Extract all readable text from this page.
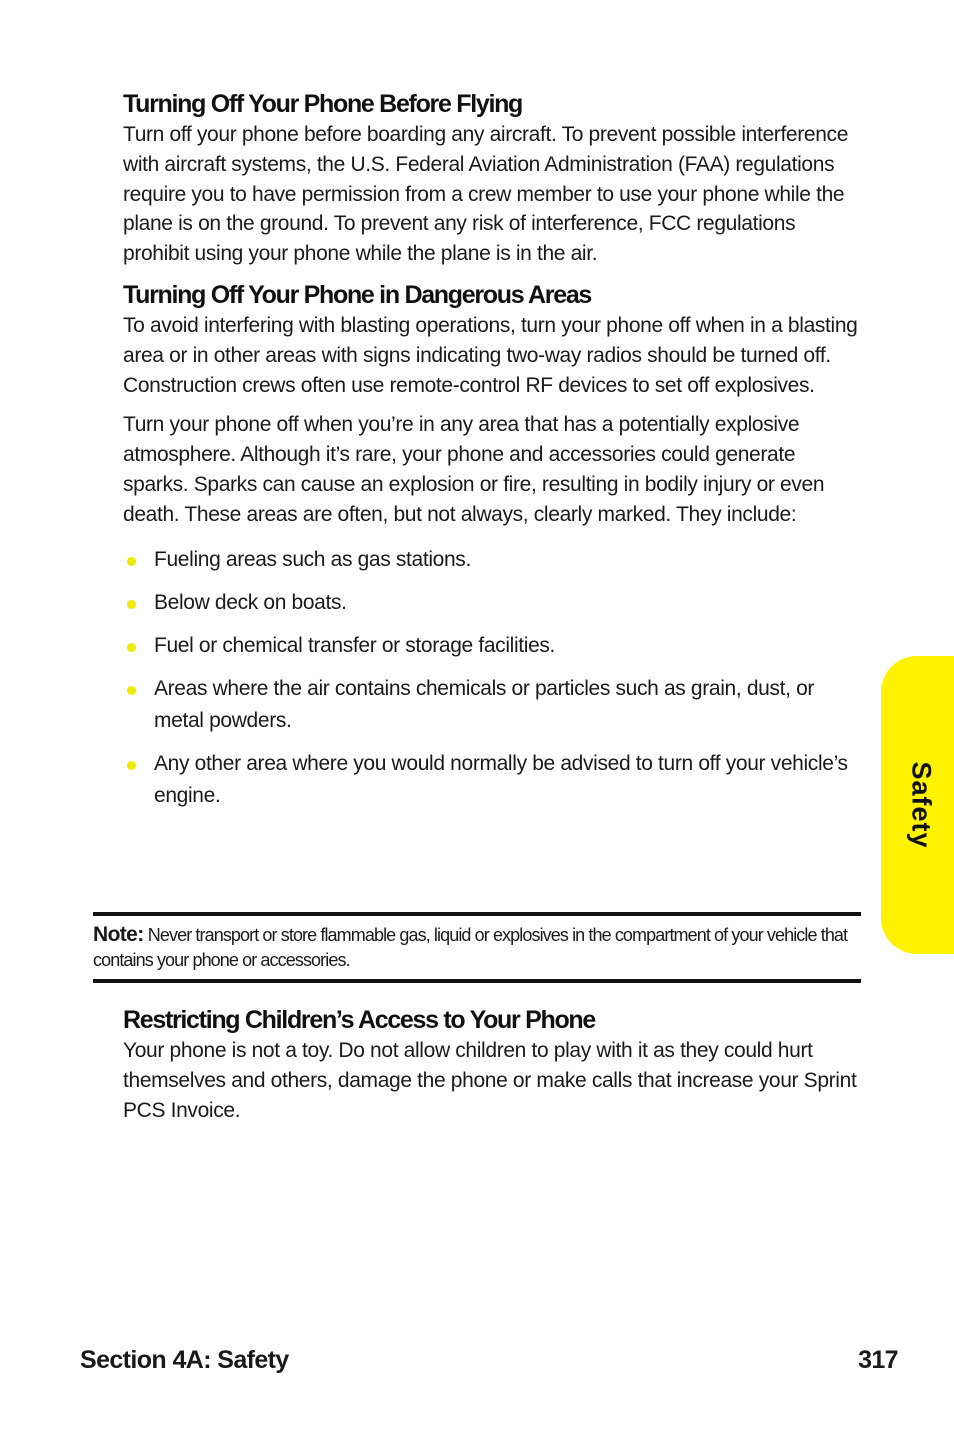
Turning Off Your Phone Before Flying

Turn off your phone before boarding any aircraft. To prevent possible interference with aircraft systems, the U.S. Federal Aviation Administration (FAA) regulations require you to have permission from a crew member to use your phone while the plane is on the ground. To prevent any risk of interference, FCC regulations prohibit using your phone while the plane is in the air.

Turning Off Your Phone in Dangerous Areas

To avoid interfering with blasting operations, turn your phone off when in a blasting area or in other areas with signs indicating two-way radios should be turned off. Construction crews often use remote-control RF devices to set off explosives.

Turn your phone off when you’re in any area that has a potentially explosive atmosphere. Although it’s rare, your phone and accessories could generate sparks. Sparks can cause an explosion or fire, resulting in bodily injury or even death. These areas are often, but not always, clearly marked. They include:

Fueling areas such as gas stations.
Below deck on boats.
Fuel or chemical transfer or storage facilities.
Areas where the air contains chemicals or particles such as grain, dust, or metal powders.
Any other area where you would normally be advised to turn off your vehicle’s engine.
Note: Never transport or store flammable gas, liquid or explosives in the compartment of your vehicle that contains your phone or accessories.
Restricting Children’s Access to Your Phone

Your phone is not a toy. Do not allow children to play with it as they could hurt themselves and others, damage the phone or make calls that increase your Sprint PCS Invoice.

Safety
Section 4A: Safety	317
